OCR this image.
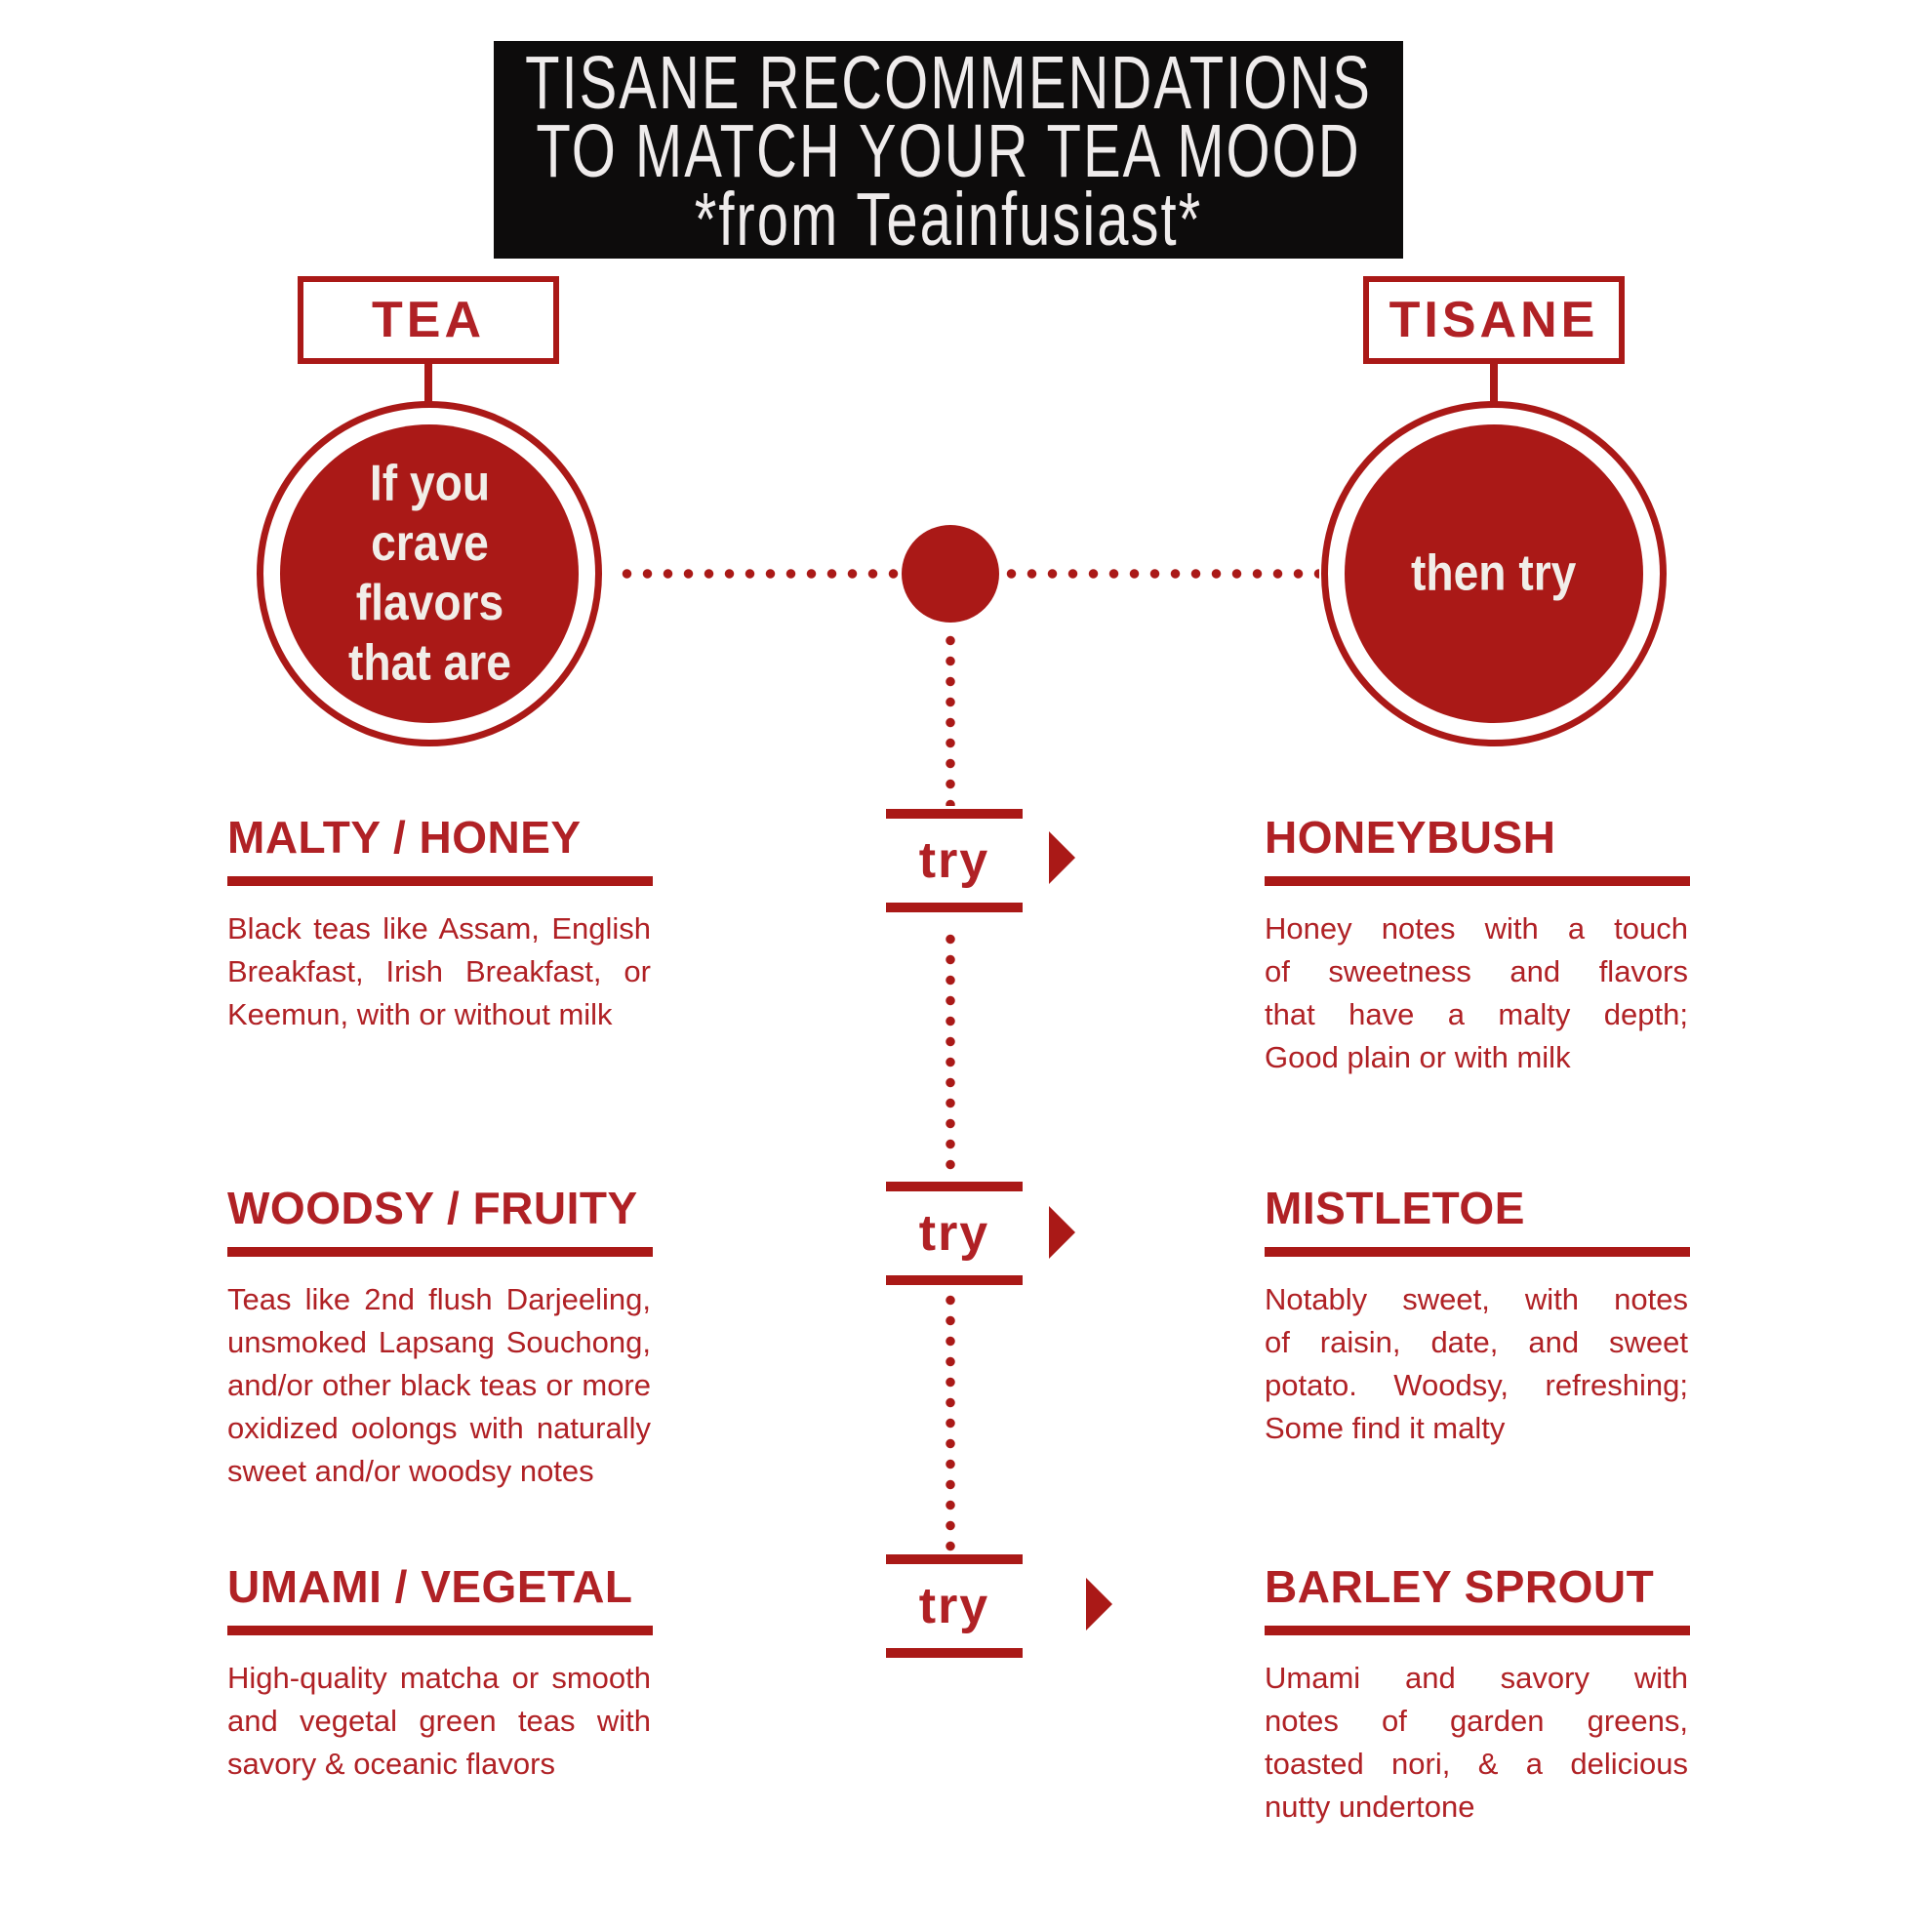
TISANE RECOMMENDATIONS
TO MATCH YOUR TEA MOOD
*from Teainfusiast*
TEA
If you
crave
flavors
that are
TISANE
then try
try
try
try
MALTY / HONEY
Black teas like Assam, English
Breakfast, Irish Breakfast, or
Keemun, with or without milk
HONEYBUSH
Honey notes with a touch
of sweetness and flavors
that have a malty depth;
Good plain or with milk
WOODSY / FRUITY
Teas like 2nd flush Darjeeling,
unsmoked Lapsang Souchong,
and/or other black teas or more
oxidized oolongs with naturally
sweet and/or woodsy notes
MISTLETOE
Notably sweet, with notes
of raisin, date, and sweet
potato. Woodsy, refreshing;
Some find it malty
UMAMI / VEGETAL
High-quality matcha or smooth
and vegetal green teas with
savory & oceanic flavors
BARLEY SPROUT
Umami and savory with
notes of garden greens,
toasted nori, & a delicious
nutty undertone
